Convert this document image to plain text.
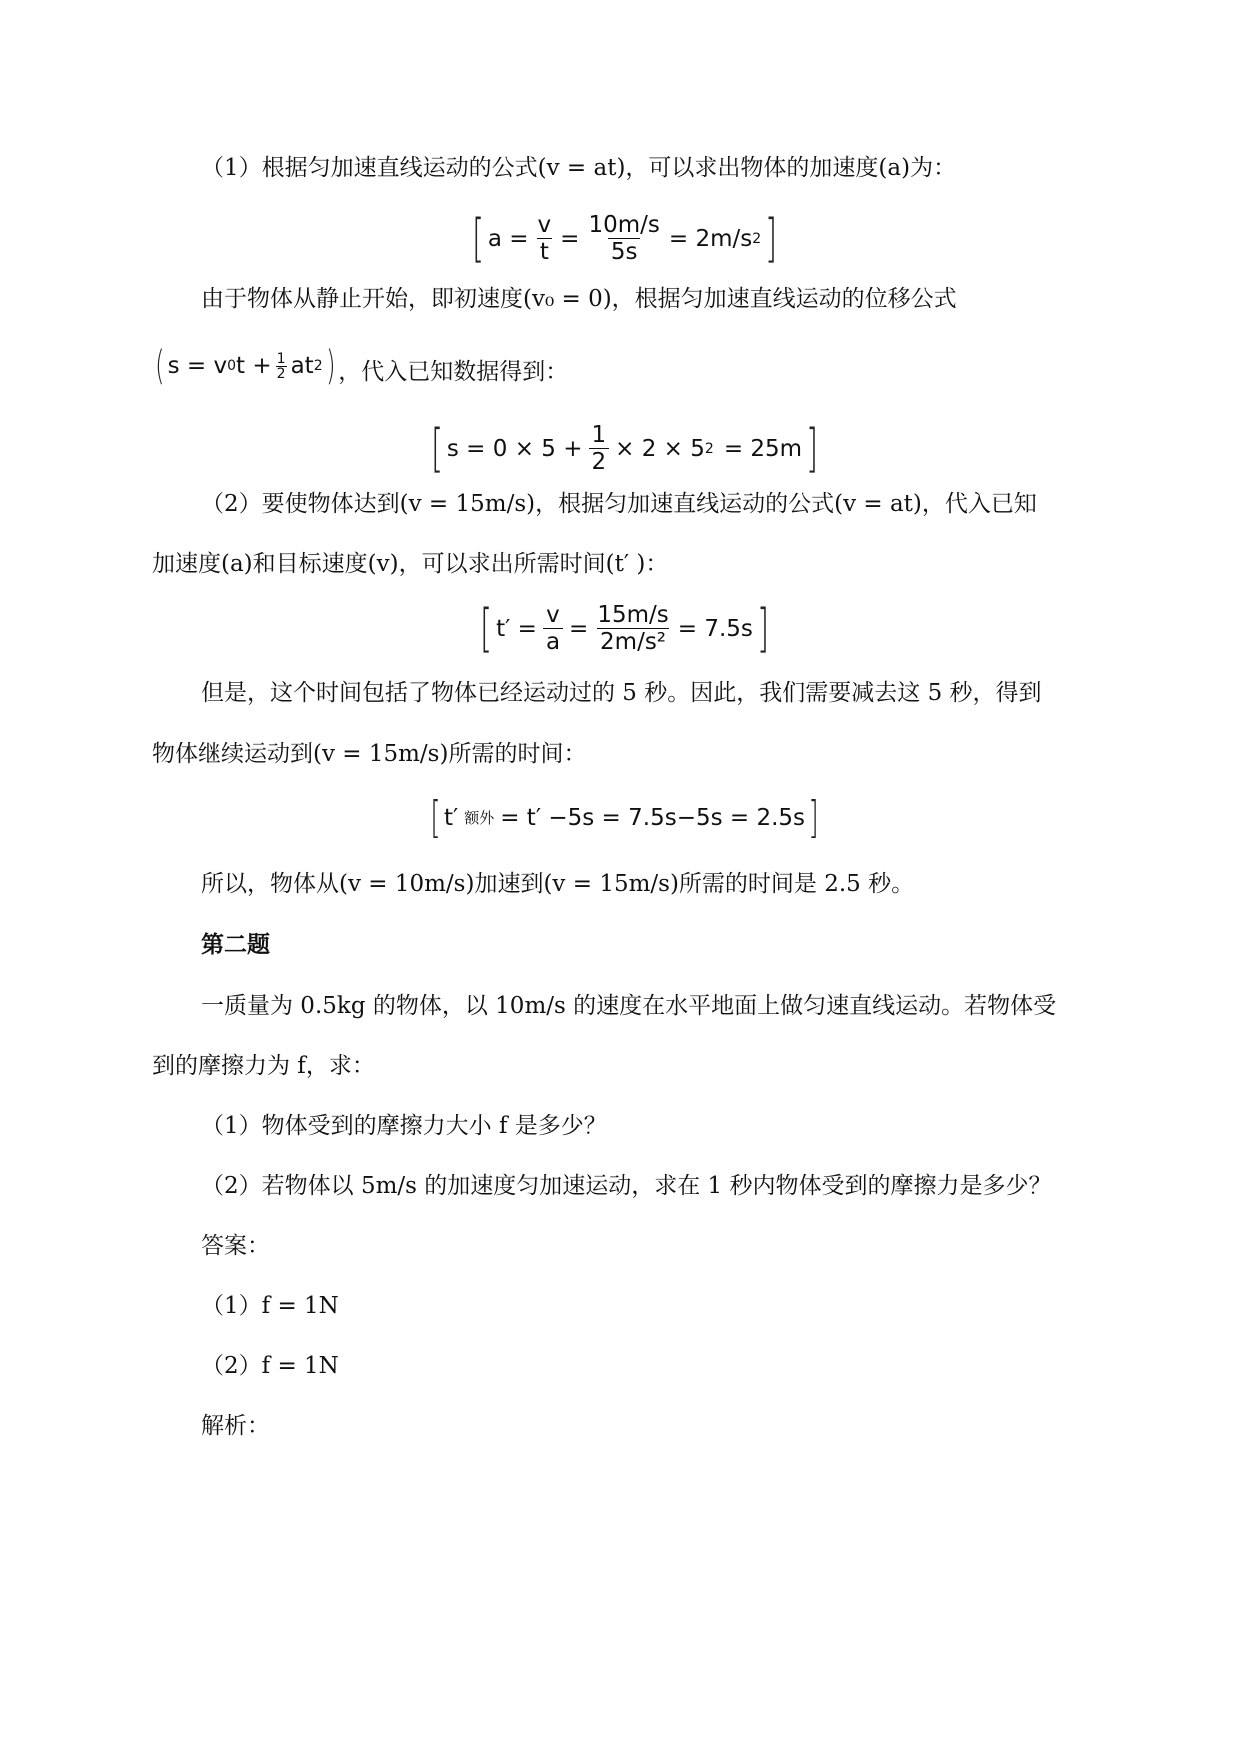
（1）根据匀加速直线运动的公式(v = at)，可以求出物体的加速度(a)为：
[ $a = \frac{v}{t} = \frac{10m/s}{5s} = 2m/s$ 2 ]
由于物体从静止开始，即初速度(v₀ = 0)，根据匀加速直线运动的位移公式
( s = v 0 $t + \frac{1}{2}$ at 2 ) ，代入已知数据得到：
[ $s = 0 \times 5 + \frac{1}{2} \times 2 \times 5$ 2 = 25m ]
（2）要使物体达到(v = 15m/s)，根据匀加速直线运动的公式(v = at)，代入已知
加速度(a)和目标速度(v)，可以求出所需时间(t′ )：
[ $t' = \frac{v}{a} = \frac{15m/s}{\text{2m/s²}} = 7.5s$ ]
但是，这个时间包括了物体已经运动过的 5 秒。因此，我们需要减去这 5 秒，得到
物体继续运动到(v = 15m/s)所需的时间：
[ t′ 额外 = t′ −5s = 7.5s−5s = 2.5s ]
所以，物体从(v = 10m/s)加速到(v = 15m/s)所需的时间是 2.5 秒。
第二题
一质量为 0.5kg 的物体，以 10m/s 的速度在水平地面上做匀速直线运动。若物体受
到的摩擦力为 f，求：
（1）物体受到的摩擦力大小 f 是多少？
（2）若物体以 5m/s 的加速度匀加速运动，求在 1 秒内物体受到的摩擦力是多少？
答案：
（1）f = 1N
（2）f = 1N
解析：
